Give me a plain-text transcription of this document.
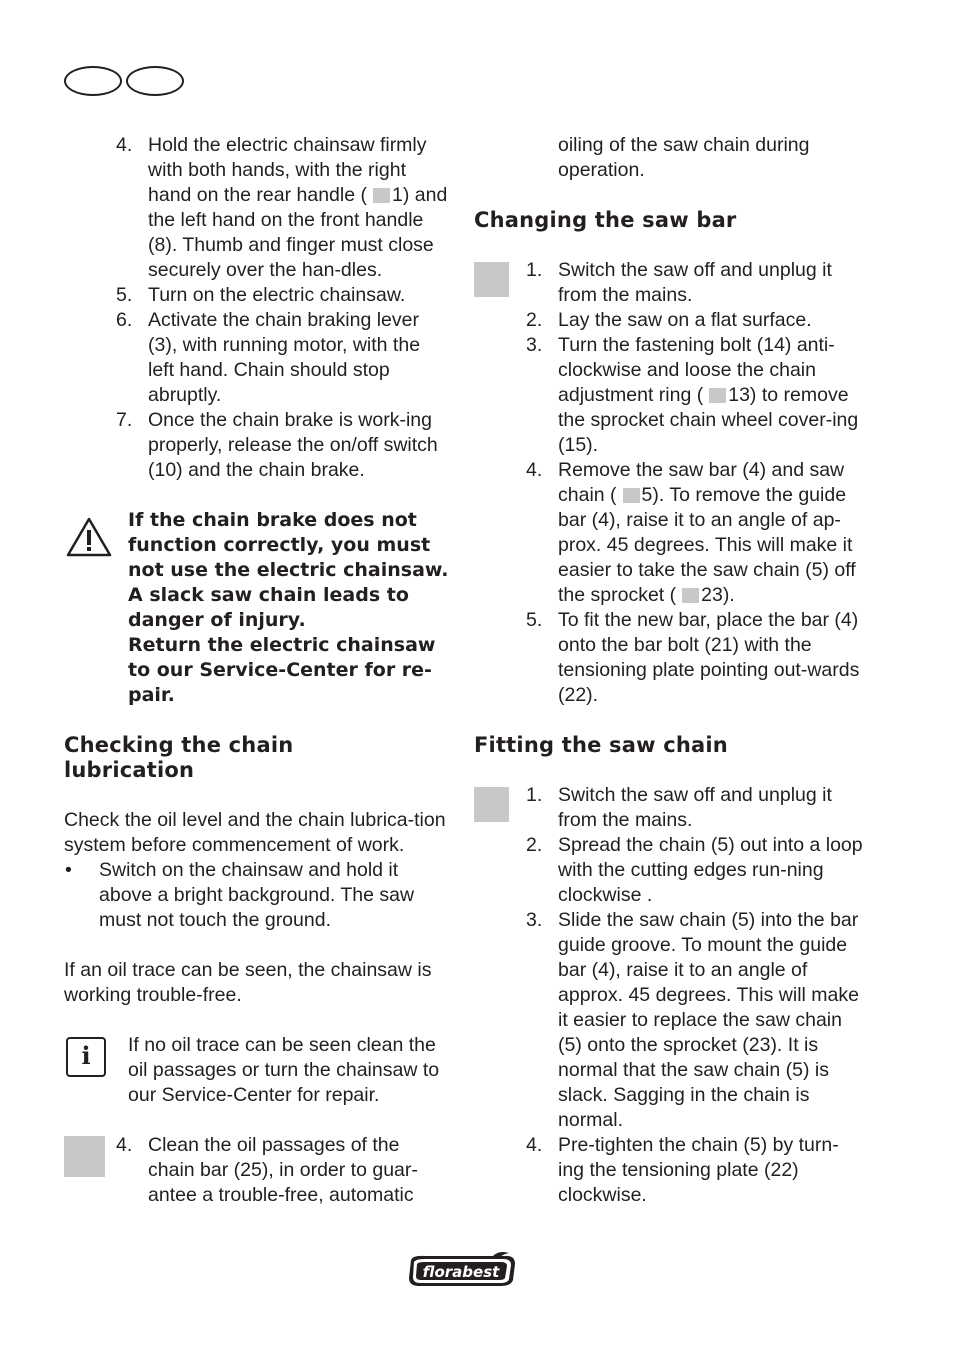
4. Hold the electric chainsaw firmly with both hands, with the right hand on the rear handle ( 1) and the left hand on the front handle (8). Thumb and finger must close securely over the han-dles.
5. Turn on the electric chainsaw.
6. Activate the chain braking lever (3), with running motor, with the left hand. Chain should stop abruptly.
7. Once the chain brake is work-ing properly, release the on/off switch (10) and the chain brake.

If the chain brake does not function correctly, you must not use the electric chainsaw. A slack saw chain leads to danger of injury.

Return the electric chainsaw to our Service-Center for re-pair.

Checking the chain lubrication

Check the oil level and the chain lubrica-tion system before commencement of work.

• Switch on the chainsaw and hold it above a bright background. The saw must not touch the ground.

If an oil trace can be seen, the chainsaw is working trouble-free.

i	If no oil trace can be seen clean the oil passages or turn the chainsaw to our Service-Center for repair.

4. Clean the oil passages of the chain bar (25), in order to guar-antee a trouble-free, automatic

oiling of the saw chain during operation.

Changing the saw bar
1. Switch the saw off and unplug it from the mains.
2. Lay the saw on a flat surface.
3. Turn the fastening bolt (14) anti-clockwise and loose the chain adjustment ring ( 13) to remove the sprocket chain wheel cover-ing (15).
4. Remove the saw bar (4) and saw chain ( 5). To remove the guide bar (4), raise it to an angle of ap-prox. 45 degrees. This will make it easier to take the saw chain (5) off the sprocket ( 23).
5. To fit the new bar, place the bar (4) onto the bar bolt (21) with the tensioning plate pointing out-wards (22).
Fitting the saw chain
1. Switch the saw off and unplug it from the mains.
2. Spread the chain (5) out into a loop with the cutting edges run-ning clockwise .
3. Slide the saw chain (5) into the bar guide groove. To mount the guide bar (4), raise it to an angle of approx. 45 degrees. This will make it easier to replace the saw chain (5) onto the sprocket (23). It is normal that the saw chain (5) is slack. Sagging in the chain is normal.
4. Pre-tighten the chain (5) by turn-ing the tensioning plate (22) clockwise.
florabest
